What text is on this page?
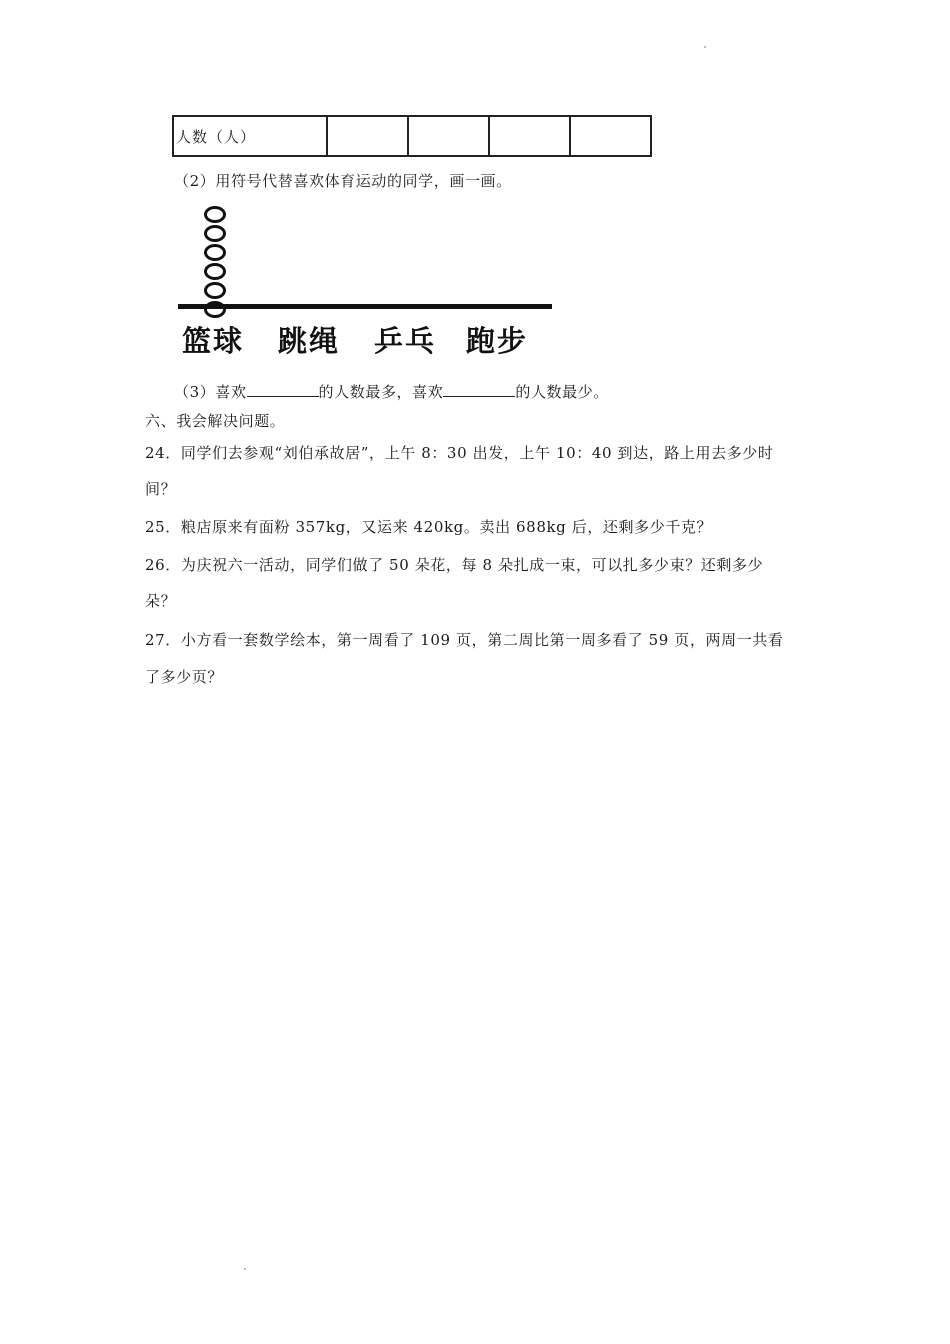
人数（人）				
（2）用符号代替喜欢体育运动的同学，画一画。
篮球 跳绳 乒乓 跑步
（3）喜欢	的人数最多，喜欢	的人数最少。
六、我会解决问题。
24．同学们去参观“刘伯承故居”，上午 8：30 出发，上午 10：40 到达，路上用去多少时
间？
25．粮店原来有面粉 357kg，又运来 420kg。卖出 688kg 后，还剩多少千克？
26．为庆祝六一活动，同学们做了 50 朵花，每 8 朵扎成一束，可以扎多少束？还剩多少
朵？
27．小方看一套数学绘本，第一周看了 109 页，第二周比第一周多看了 59 页，两周一共看
了多少页？
